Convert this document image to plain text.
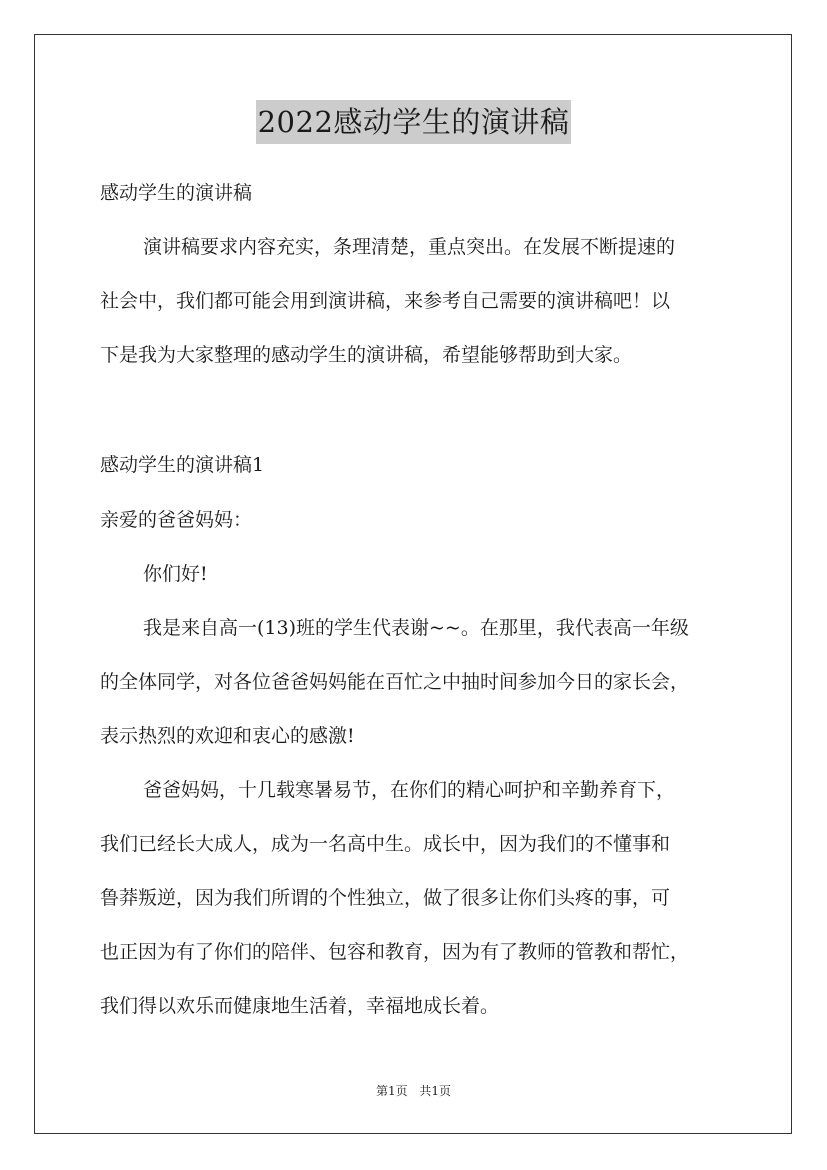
2022感动学生的演讲稿
感动学生的演讲稿
演讲稿要求内容充实，条理清楚，重点突出。在发展不断提速的
社会中，我们都可能会用到演讲稿，来参考自己需要的演讲稿吧！以
下是我为大家整理的感动学生的演讲稿，希望能够帮助到大家。
感动学生的演讲稿1
亲爱的爸爸妈妈：
你们好!
我是来自高一(13)班的学生代表谢~~。在那里，我代表高一年级
的全体同学，对各位爸爸妈妈能在百忙之中抽时间参加今日的家长会，
表示热烈的欢迎和衷心的感激!
爸爸妈妈，十几载寒暑易节，在你们的精心呵护和辛勤养育下，
我们已经长大成人，成为一名高中生。成长中，因为我们的不懂事和
鲁莽叛逆，因为我们所谓的个性独立，做了很多让你们头疼的事，可
也正因为有了你们的陪伴、包容和教育，因为有了教师的管教和帮忙，
我们得以欢乐而健康地生活着，幸福地成长着。
第1页 共1页
